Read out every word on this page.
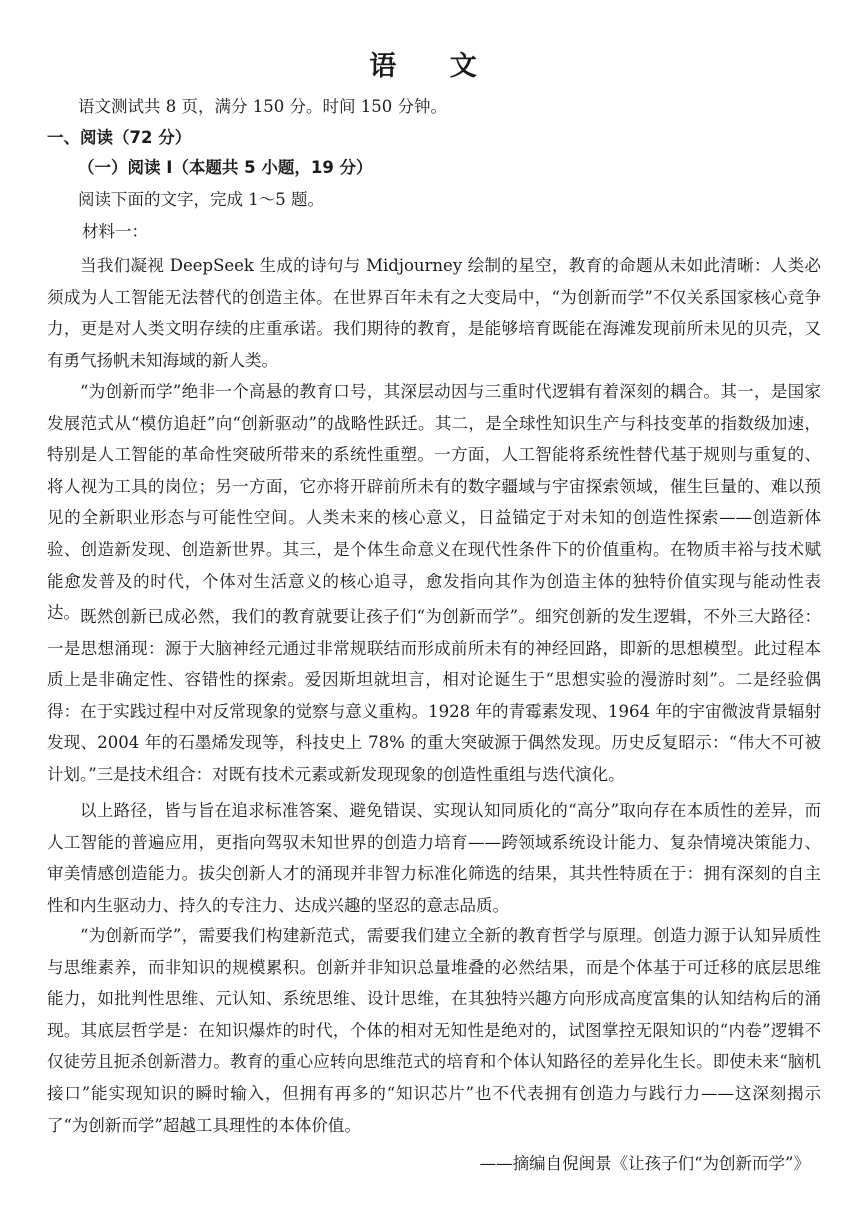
语 文
语文测试共 8 页，满分 150 分。时间 150 分钟。
一、阅读（72 分）
（一）阅读 I（本题共 5 小题，19 分）
阅读下面的文字，完成 1～5 题。
材料一：

当我们凝视 DeepSeek 生成的诗句与 Midjourney 绘制的星空，教育的命题从未如此清晰：人类必须成为人工智能无法替代的创造主体。在世界百年未有之大变局中，“为创新而学”不仅关系国家核心竞争力，更是对人类文明存续的庄重承诺。我们期待的教育，是能够培育既能在海滩发现前所未见的贝壳，又有勇气扬帆未知海域的新人类。

“为创新而学”绝非一个高悬的教育口号，其深层动因与三重时代逻辑有着深刻的耦合。其一，是国家发展范式从“模仿追赶”向“创新驱动”的战略性跃迁。其二，是全球性知识生产与科技变革的指数级加速，特别是人工智能的革命性突破所带来的系统性重塑。一方面，人工智能将系统性替代基于规则与重复的、将人视为工具的岗位；另一方面，它亦将开辟前所未有的数字疆域与宇宙探索领域，催生巨量的、难以预见的全新职业形态与可能性空间。人类未来的核心意义，日益锚定于对未知的创造性探索——创造新体验、创造新发现、创造新世界。其三，是个体生命意义在现代性条件下的价值重构。在物质丰裕与技术赋能愈发普及的时代，个体对生活意义的核心追寻，愈发指向其作为创造主体的独特价值实现与能动性表达。 既然创新已成必然，我们的教育就要让孩子们“为创新而学”。细究创新的发生逻辑，不外三大路径：一是思想涌现：源于大脑神经元通过非常规联结而形成前所未有的神经回路，即新的思想模型。此过程本质上是非确定性、容错性的探索。爱因斯坦就坦言，相对论诞生于“思想实验的漫游时刻”。二是经验偶得：在于实践过程中对反常现象的觉察与意义重构。1928 年的青霉素发现、1964 年的宇宙微波背景辐射发现、2004 年的石墨烯发现等，科技史上 78% 的重大突破源于偶然发现。历史反复昭示：“伟大不可被计划。”三是技术组合：对既有技术元素或新发现现象的创造性重组与迭代演化。

以上路径，皆与旨在追求标准答案、避免错误、实现认知同质化的“高分”取向存在本质性的差异，而人工智能的普遍应用，更指向驾驭未知世界的创造力培育——跨领域系统设计能力、复杂情境决策能力、审美情感创造能力。拔尖创新人才的涌现并非智力标准化筛选的结果，其共性特质在于：拥有深刻的自主性和内生驱动力、持久的专注力、达成兴趣的坚忍的意志品质。

“为创新而学”，需要我们构建新范式，需要我们建立全新的教育哲学与原理。创造力源于认知异质性与思维素养，而非知识的规模累积。创新并非知识总量堆叠的必然结果，而是个体基于可迁移的底层思维能力，如批判性思维、元认知、系统思维、设计思维，在其独特兴趣方向形成高度富集的认知结构后的涌现。其底层哲学是：在知识爆炸的时代，个体的相对无知性是绝对的，试图掌控无限知识的“内卷”逻辑不仅徒劳且扼杀创新潜力。教育的重心应转向思维范式的培育和个体认知路径的差异化生长。即使未来“脑机接口”能实现知识的瞬时输入，但拥有再多的“知识芯片”也不代表拥有创造力与践行力——这深刻揭示了“为创新而学”超越工具理性的本体价值。

——摘编自倪闽景《让孩子们“为创新而学”》
